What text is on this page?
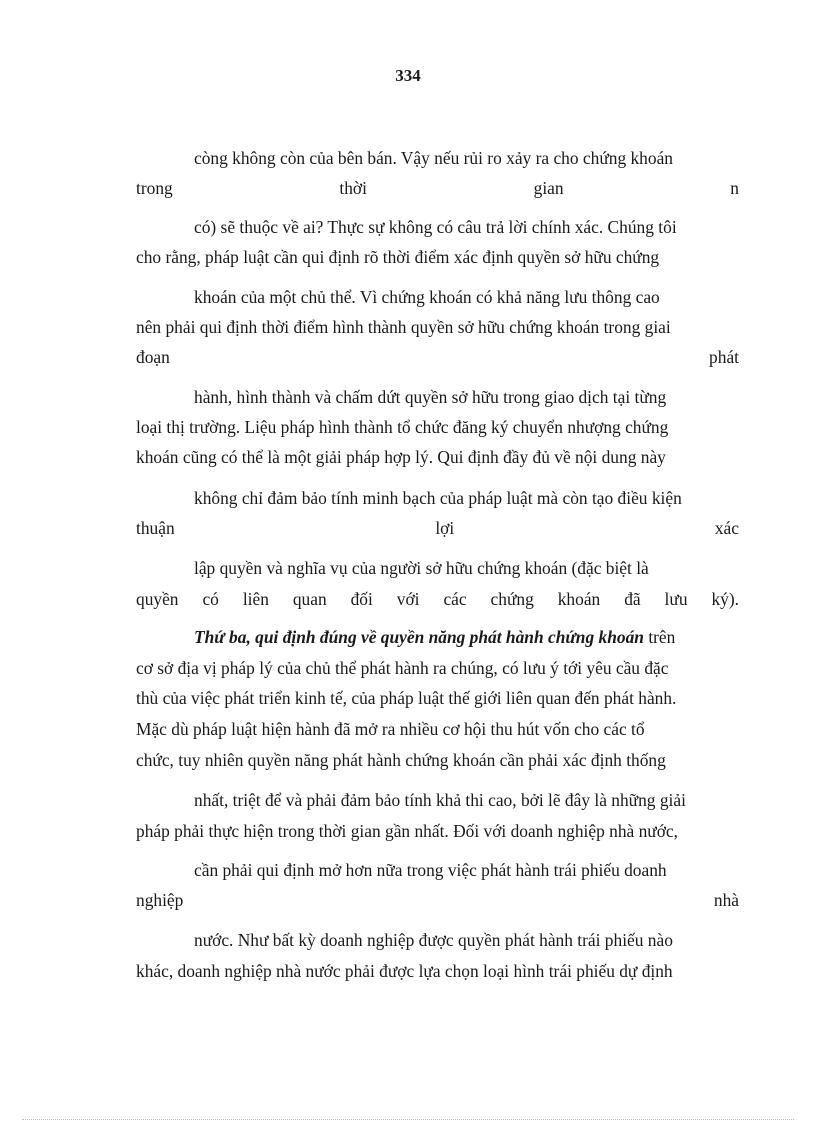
334
còng không còn của bên bán. Vậy nếu rủi ro xảy ra cho chứng khoán
trong thời gian n
có) sẽ thuộc về ai? Thực sự không có câu trả lời chính xác. Chúng tôi
cho rằng, pháp luật cần qui định rõ thời điểm xác định quyền sở hữu chứng
khoán của một chủ thể. Vì chứng khoán có khả năng lưu thông cao
nên phải qui định thời điểm hình thành quyền sở hữu chứng khoán trong giai
đoạn phát
hành, hình thành và chấm dứt quyền sở hữu trong giao dịch tại từng
loại thị trường. Liệu pháp hình thành tổ chức đăng ký chuyển nhượng chứng
khoán cũng có thể là một giải pháp hợp lý. Qui định đầy đủ về nội dung này
không chỉ đảm bảo tính minh bạch của pháp luật mà còn tạo điều kiện
thuận lợi xác
lập quyền và nghĩa vụ của người sở hữu chứng khoán (đặc biệt là
quyền có liên quan đối với các chứng khoán đã lưu ký).
Thứ ba, qui định đúng về quyền năng phát hành chứng khoán trên
cơ sở địa vị pháp lý của chủ thể phát hành ra chúng, có lưu ý tới yêu cầu đặc
thù của việc phát triển kinh tế, của pháp luật thế giới liên quan đến phát hành.
Mặc dù pháp luật hiện hành đã mở ra nhiều cơ hội thu hút vốn cho các tổ
chức, tuy nhiên quyền năng phát hành chứng khoán cần phải xác định thống
nhất, triệt để và phải đảm bảo tính khả thi cao, bởi lẽ đây là những giải
pháp phải thực hiện trong thời gian gần nhất. Đối với doanh nghiệp nhà nước,
cần phải qui định mở hơn nữa trong việc phát hành trái phiếu doanh
nghiệp nhà
nước. Như bất kỳ doanh nghiệp được quyền phát hành trái phiếu nào
khác, doanh nghiệp nhà nước phải được lựa chọn loại hình trái phiếu dự định
